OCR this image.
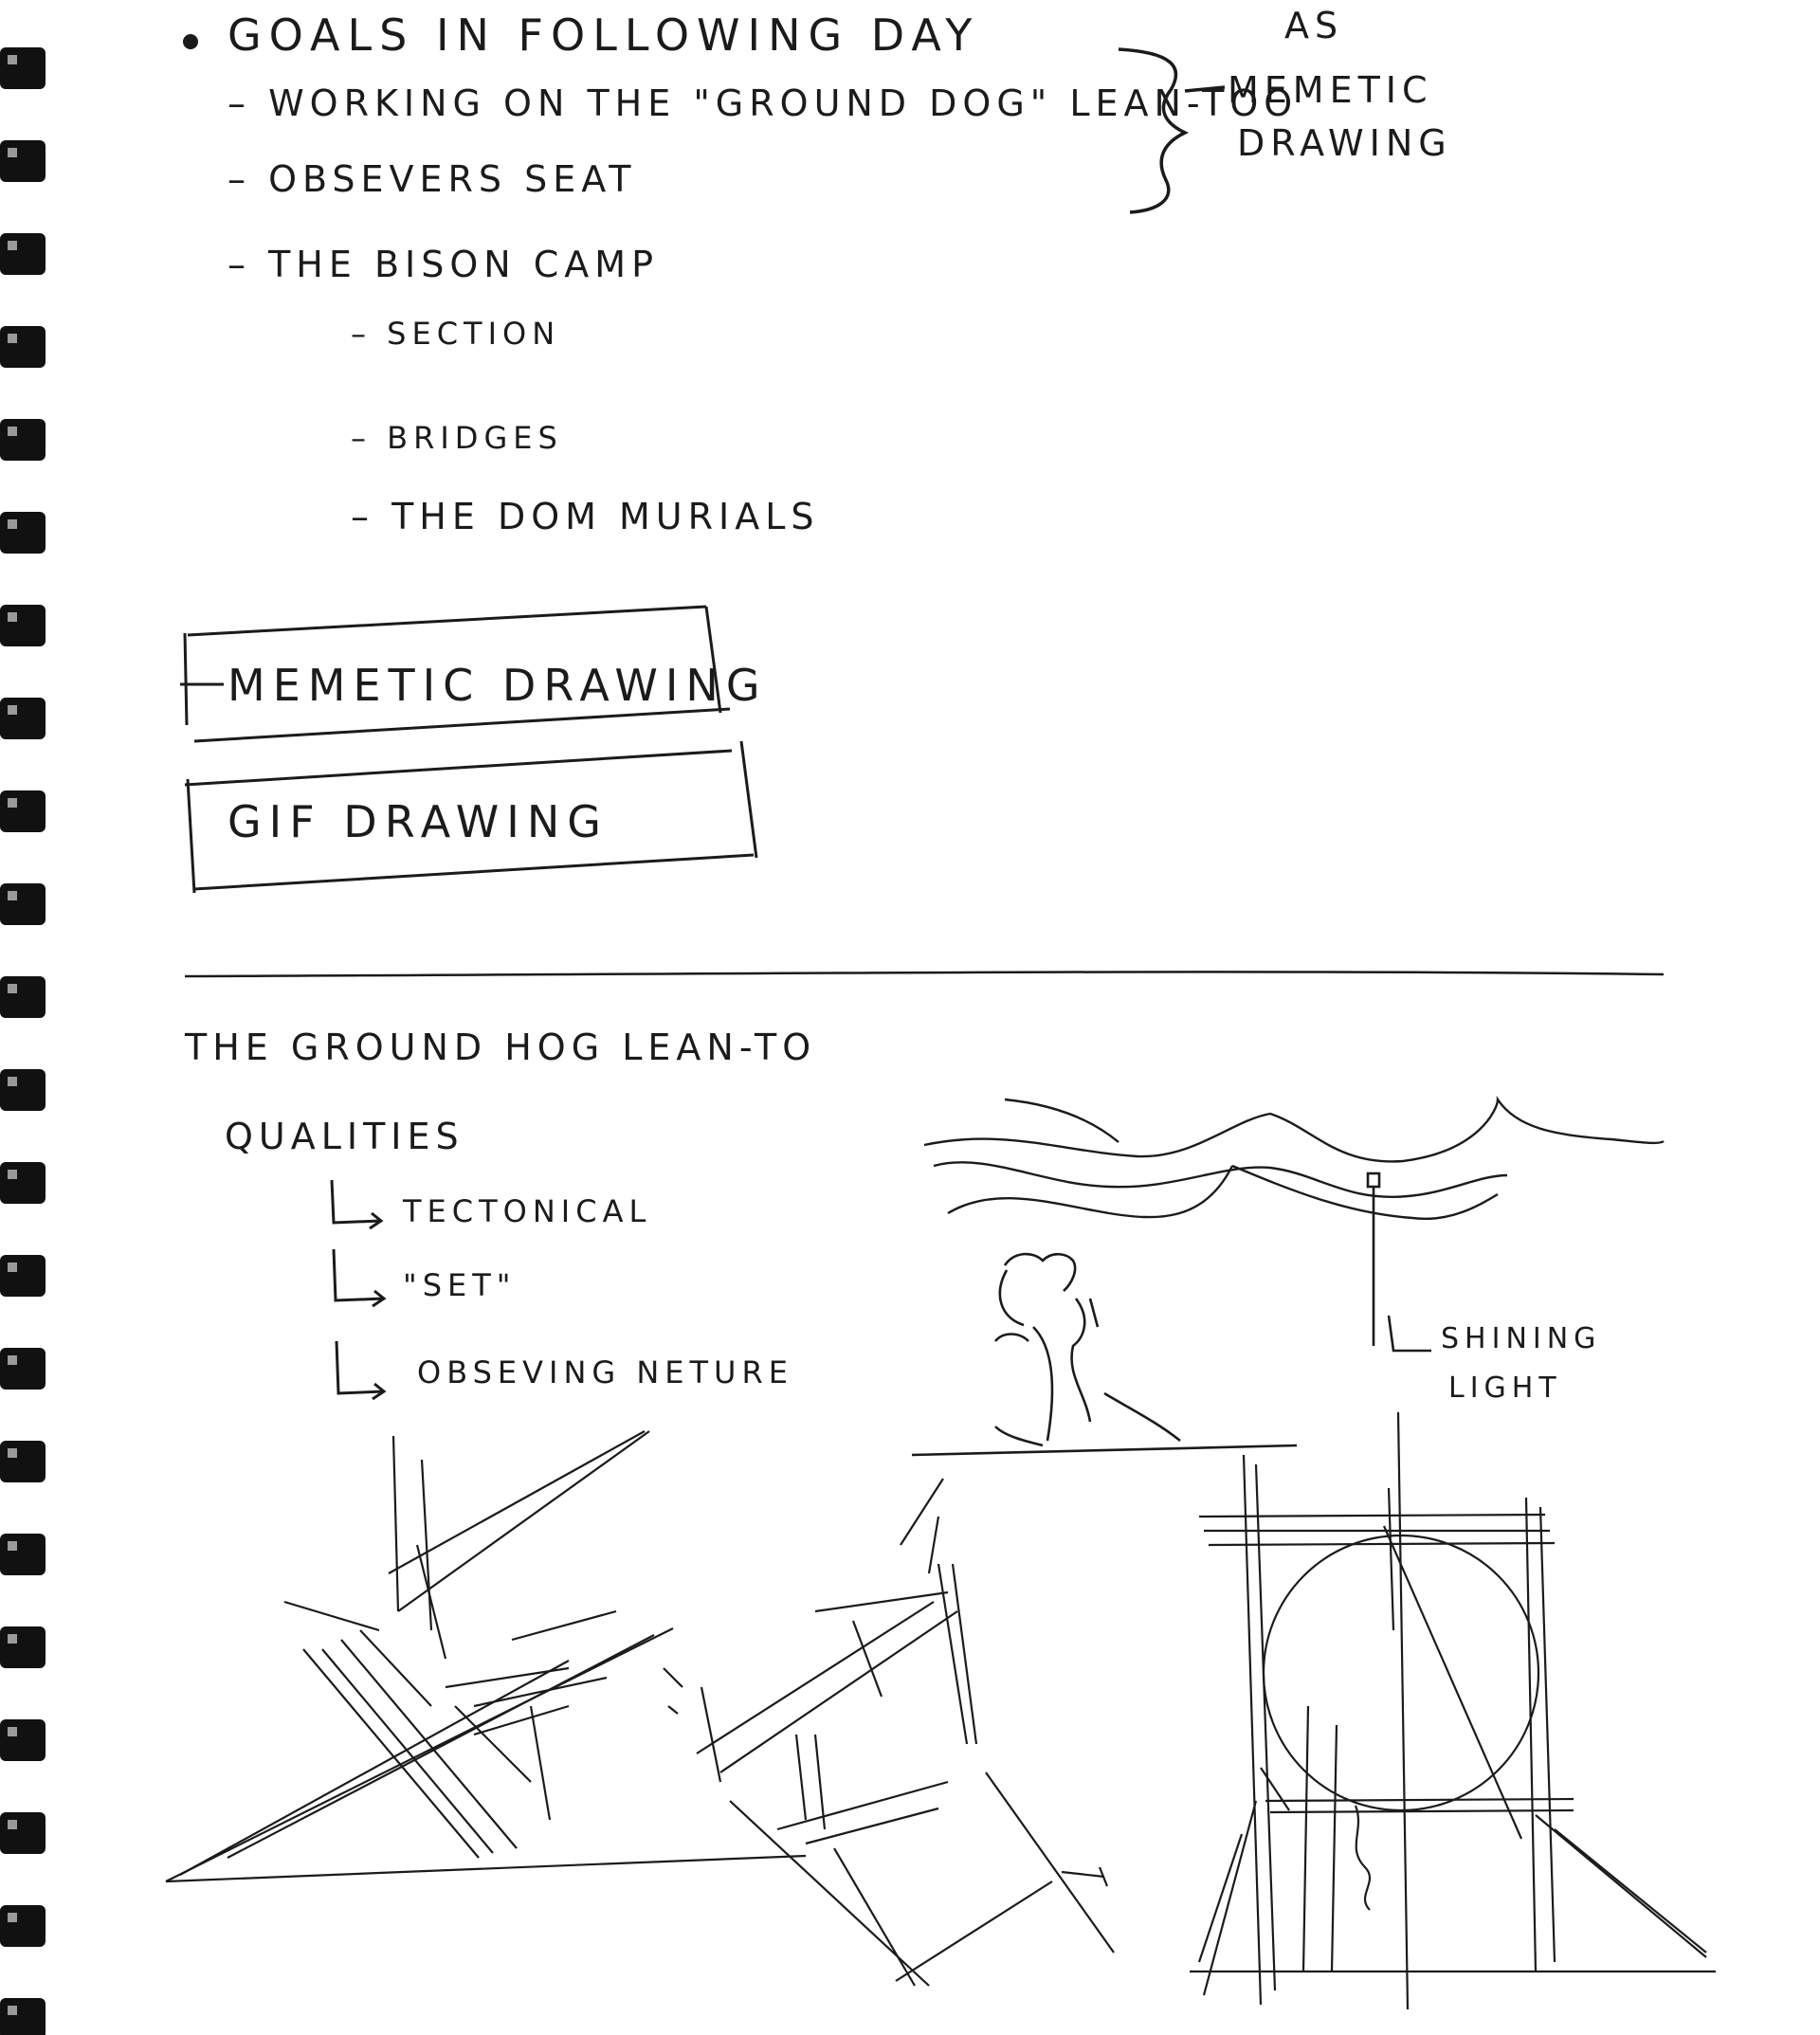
GOALS IN FOLLOWING DAY
– WORKING ON THE "GROUND DOG" LEAN-TOO
– OBSEVERS SEAT
– THE BISON CAMP
– SECTION
– BRIDGES
– THE DOM MURIALS
AS
MEMETIC
DRAWING
MEMETIC DRAWING
GIF DRAWING
THE GROUND HOG LEAN-TO
QUALITIES
TECTONICAL
"SET"
OBSEVING NETURE
SHINING
LIGHT
